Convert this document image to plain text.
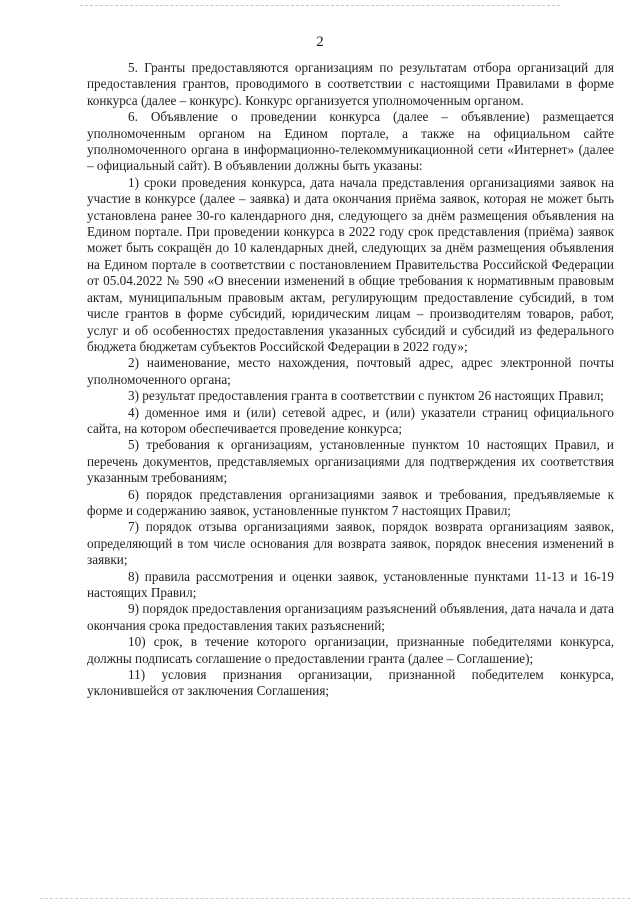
2

5. Гранты предоставляются организациям по результатам отбора организаций для предоставления грантов, проводимого в соответствии с настоящими Правилами в форме конкурса (далее – конкурс). Конкурс организуется уполномоченным органом.

6. Объявление о проведении конкурса (далее – объявление) размещается уполномоченным органом на Едином портале, а также на официальном сайте уполномоченного органа в информационно-телекоммуникационной сети «Интернет» (далее – официальный сайт). В объявлении должны быть указаны:

1) сроки проведения конкурса, дата начала представления организациями заявок на участие в конкурсе (далее – заявка) и дата окончания приёма заявок, которая не может быть установлена ранее 30-го календарного дня, следующего за днём размещения объявления на Едином портале. При проведении конкурса в 2022 году срок представления (приёма) заявок может быть сокращён до 10 календарных дней, следующих за днём размещения объявления на Едином портале в соответствии с постановлением Правительства Российской Федерации от 05.04.2022 № 590 «О внесении изменений в общие требования к нормативным правовым актам, муниципальным правовым актам, регулирующим предоставление субсидий, в том числе грантов в форме субсидий, юридическим лицам – производителям товаров, работ, услуг и об особенностях предоставления указанных субсидий и субсидий из федерального бюджета бюджетам субъектов Российской Федерации в 2022 году»;

2) наименование, место нахождения, почтовый адрес, адрес электронной почты уполномоченного органа;

3) результат предоставления гранта в соответствии с пунктом 26 настоящих Правил;

4) доменное имя и (или) сетевой адрес, и (или) указатели страниц официального сайта, на котором обеспечивается проведение конкурса;

5) требования к организациям, установленные пунктом 10 настоящих Правил, и перечень документов, представляемых организациями для подтверждения их соответствия указанным требованиям;

6) порядок представления организациями заявок и требования, предъявляемые к форме и содержанию заявок, установленные пунктом 7 настоящих Правил;

7) порядок отзыва организациями заявок, порядок возврата организациям заявок, определяющий в том числе основания для возврата заявок, порядок внесения изменений в заявки;

8) правила рассмотрения и оценки заявок, установленные пунктами 11-13 и 16-19 настоящих Правил;

9) порядок предоставления организациям разъяснений объявления, дата начала и дата окончания срока предоставления таких разъяснений;

10) срок, в течение которого организации, признанные победителями конкурса, должны подписать соглашение о предоставлении гранта (далее – Соглашение);

11) условия признания организации, признанной победителем конкурса, уклонившейся от заключения Соглашения;
